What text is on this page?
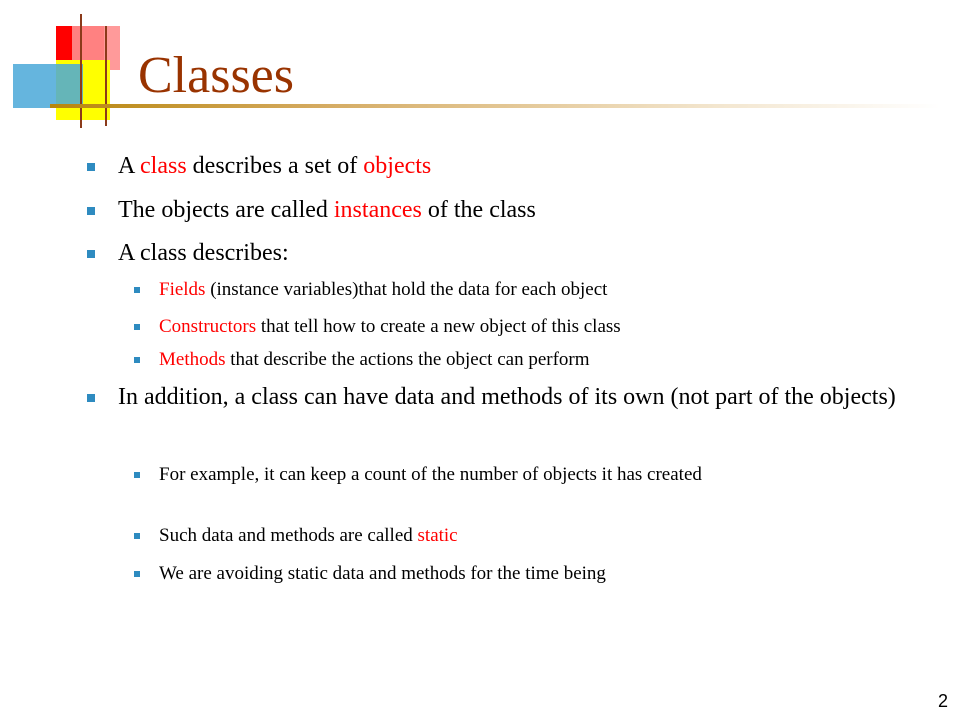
Classes
A class describes a set of objects
The objects are called instances of the class
A class describes:
Fields (instance variables)that hold the data for each object
Constructors that tell how to create a new object of this class
Methods that describe the actions the object can perform
In addition, a class can have data and methods of its own (not part of the objects)
For example, it can keep a count of the number of objects it has created
Such data and methods are called static
We are avoiding static data and methods for the time being
2
